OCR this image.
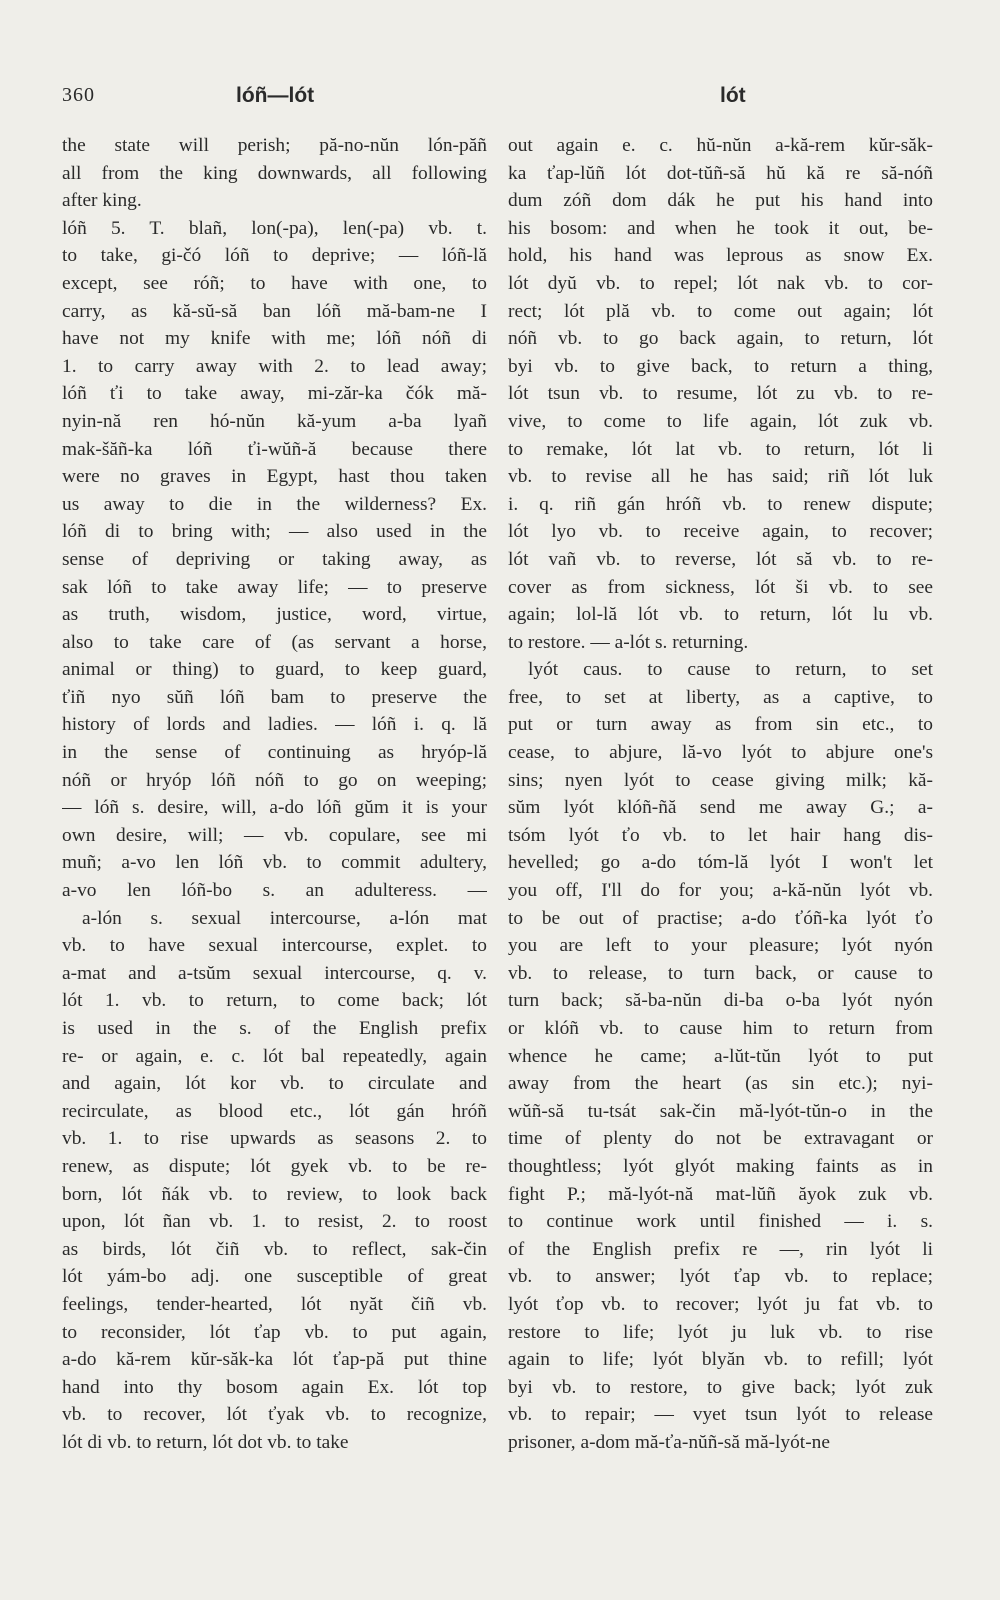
360	lóñ—lót	lót
the state will perish; pă-no-nŭn lón-păñ
all from the king downwards, all following
after king.
lóñ 5. T. blañ, lon(-pa), len(-pa) vb. t.
to take, gi-čó lóñ to deprive; — lóñ-lă
except, see róñ; to have with one, to
carry, as kă-sŭ-să ban lóñ mă-bam-ne I
have not my knife with me; lóñ nóñ di
1. to carry away with 2. to lead away;
lóñ ťi to take away, mi-zăr-ka čók mă-
nyin-nă ren hó-nŭn kă-yum a-ba lyañ
mak-šăñ-ka lóñ ťi-wŭñ-ă because there
were no graves in Egypt, hast thou taken
us away to die in the wilderness? Ex.
lóñ di to bring with; — also used in the
sense of depriving or taking away, as
sak lóñ to take away life; — to preserve
as truth, wisdom, justice, word, virtue,
also to take care of (as servant a horse,
animal or thing) to guard, to keep guard,
ťiñ nyo sŭñ lóñ bam to preserve the
history of lords and ladies. — lóñ i. q. lă
in the sense of continuing as hryóp-lă
nóñ or hryóp lóñ nóñ to go on weeping;
— lóñ s. desire, will, a-do lóñ gŭm it is your
own desire, will; — vb. copulare, see mi
muñ; a-vo len lóñ vb. to commit adultery,
a-vo len lóñ-bo s. an adulteress. —
a-lón s. sexual intercourse, a-lón mat
vb. to have sexual intercourse, explet. to
a-mat and a-tsŭm sexual intercourse, q. v.
lót 1. vb. to return, to come back; lót
is used in the s. of the English prefix
re- or again, e. c. lót bal repeatedly, again
and again, lót kor vb. to circulate and
recirculate, as blood etc., lót gán hróñ
vb. 1. to rise upwards as seasons 2. to
renew, as dispute; lót gyek vb. to be re-
born, lót ñák vb. to review, to look back
upon, lót ñan vb. 1. to resist, 2. to roost
as birds, lót čiñ vb. to reflect, sak-čin
lót yám-bo adj. one susceptible of great
feelings, tender-hearted, lót nyăt čiñ vb.
to reconsider, lót ťap vb. to put again,
a-do kă-rem kŭr-săk-ka lót ťap-pă put thine
hand into thy bosom again Ex. lót top
vb. to recover, lót ťyak vb. to recognize,
lót di vb. to return, lót dot vb. to take
out again e. c. hŭ-nŭn a-kă-rem kŭr-săk-
ka ťap-lŭñ lót dot-tŭñ-să hŭ kă re să-nóñ
dum zóñ dom dák he put his hand into
his bosom: and when he took it out, be-
hold, his hand was leprous as snow Ex.
lót dyŭ vb. to repel; lót nak vb. to cor-
rect; lót plă vb. to come out again; lót
nóñ vb. to go back again, to return, lót
byi vb. to give back, to return a thing,
lót tsun vb. to resume, lót zu vb. to re-
vive, to come to life again, lót zuk vb.
to remake, lót lat vb. to return, lót li
vb. to revise all he has said; riñ lót luk
i. q. riñ gán hróñ vb. to renew dispute;
lót lyo vb. to receive again, to recover;
lót vañ vb. to reverse, lót să vb. to re-
cover as from sickness, lót ši vb. to see
again; lol-lă lót vb. to return, lót lu vb.
to restore. — a-lót s. returning.
lyót caus. to cause to return, to set
free, to set at liberty, as a captive, to
put or turn away as from sin etc., to
cease, to abjure, lă-vo lyót to abjure one's
sins; nyen lyót to cease giving milk; kă-
sŭm lyót klóñ-ñă send me away G.; a-
tsóm lyót ťo vb. to let hair hang dis-
hevelled; go a-do tóm-lă lyót I won't let
you off, I'll do for you; a-kă-nŭn lyót vb.
to be out of practise; a-do ťóñ-ka lyót ťo
you are left to your pleasure; lyót nyón
vb. to release, to turn back, or cause to
turn back; să-ba-nŭn di-ba o-ba lyót nyón
or klóñ vb. to cause him to return from
whence he came; a-lŭt-tŭn lyót to put
away from the heart (as sin etc.); nyi-
wŭñ-să tu-tsát sak-čin mă-lyót-tŭn-o in the
time of plenty do not be extravagant or
thoughtless; lyót glyót making faints as in
fight P.; mă-lyót-nă mat-lŭñ ăyok zuk vb.
to continue work until finished — i. s.
of the English prefix re —, rin lyót li
vb. to answer; lyót ťap vb. to replace;
lyót ťop vb. to recover; lyót ju fat vb. to
restore to life; lyót ju luk vb. to rise
again to life; lyót blyăn vb. to refill; lyót
byi vb. to restore, to give back; lyót zuk
vb. to repair; — vyet tsun lyót to release
prisoner, a-dom mă-ťa-nŭñ-să mă-lyót-ne
